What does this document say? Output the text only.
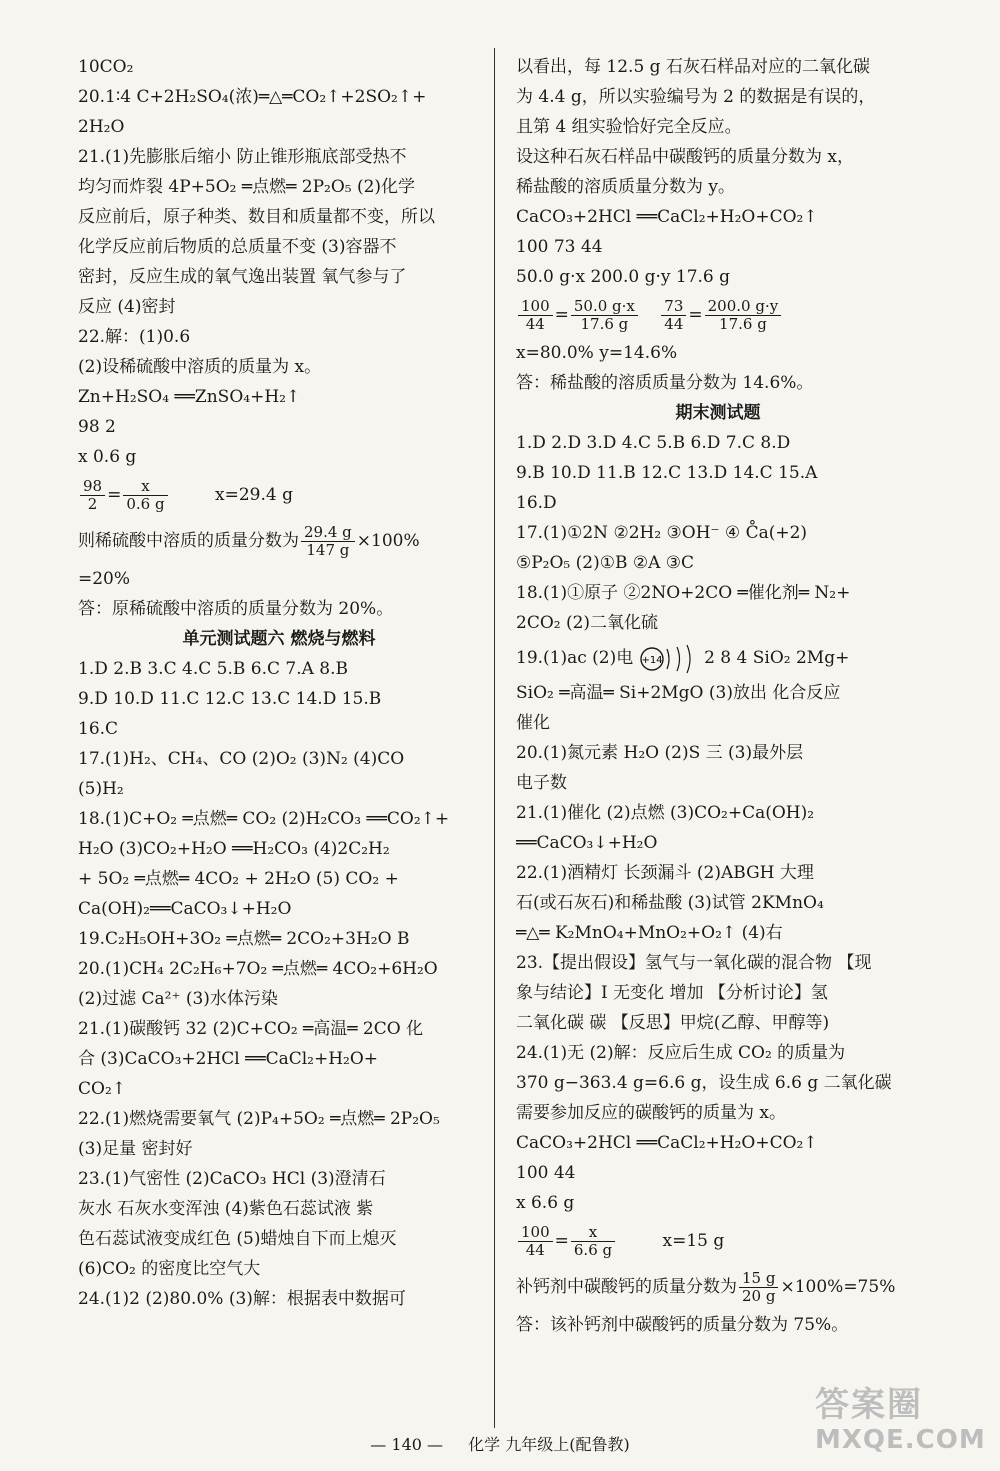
10CO₂
20.1∶4 C+2H₂SO₄(浓)═△═CO₂↑+2SO₂↑+
2H₂O
21.(1)先膨胀后缩小 防止锥形瓶底部受热不
均匀而炸裂 4P+5O₂ ═点燃═ 2P₂O₅ (2)化学
反应前后，原子种类、数目和质量都不变，所以
化学反应前后物质的总质量不变 (3)容器不
密封，反应生成的氧气逸出装置 氧气参与了
反应 (4)密封
22.解：(1)0.6
(2)设稀硫酸中溶质的质量为 x。
Zn+H₂SO₄ ══ZnSO₄+H₂↑
98 2
x 0.6 g
$\frac{98}{2} = \frac{x}{0.6 g}$	x=29.4 g
则稀硫酸中溶质的质量分数为 $\frac{29.4 g}{147 g} \times 100\%$
=20%
答：原稀硫酸中溶质的质量分数为 20%。
单元测试题六 燃烧与燃料
1.D 2.B 3.C 4.C 5.B 6.C 7.A 8.B
9.D 10.D 11.C 12.C 13.C 14.D 15.B
16.C
17.(1)H₂、CH₄、CO (2)O₂ (3)N₂ (4)CO
(5)H₂
18.(1)C+O₂ ═点燃═ CO₂ (2)H₂CO₃ ══CO₂↑+
H₂O (3)CO₂+H₂O ══H₂CO₃ (4)2C₂H₂
+ 5O₂ ═点燃═ 4CO₂ + 2H₂O (5) CO₂ +
Ca(OH)₂══CaCO₃↓+H₂O
19.C₂H₅OH+3O₂ ═点燃═ 2CO₂+3H₂O B
20.(1)CH₄ 2C₂H₆+7O₂ ═点燃═ 4CO₂+6H₂O
(2)过滤 Ca²⁺ (3)水体污染
21.(1)碳酸钙 32 (2)C+CO₂ ═高温═ 2CO 化
合 (3)CaCO₃+2HCl ══CaCl₂+H₂O+
CO₂↑
22.(1)燃烧需要氧气 (2)P₄+5O₂ ═点燃═ 2P₂O₅
(3)足量 密封好
23.(1)气密性 (2)CaCO₃ HCl (3)澄清石
灰水 石灰水变浑浊 (4)紫色石蕊试液 紫
色石蕊试液变成红色 (5)蜡烛自下而上熄灭
(6)CO₂ 的密度比空气大
24.(1)2 (2)80.0% (3)解：根据表中数据可
以看出，每 12.5 g 石灰石样品对应的二氧化碳
为 4.4 g，所以实验编号为 2 的数据是有误的，
且第 4 组实验恰好完全反应。
设这种石灰石样品中碳酸钙的质量分数为 x，
稀盐酸的溶质质量分数为 y。
CaCO₃+2HCl ══CaCl₂+H₂O+CO₂↑
100 73 44
50.0 g·x 200.0 g·y 17.6 g
$\frac{100}{44} = \frac{50.0 g\cdot x}{17.6 g}$
$\frac{73}{44} = \frac{200.0 g\cdot y}{17.6 g}$
x=80.0% y=14.6%
答：稀盐酸的溶质质量分数为 14.6%。
期末测试题
1.D 2.D 3.D 4.C 5.B 6.D 7.C 8.D
9.B 10.D 11.B 12.C 13.D 14.C 15.A
16.D
17.(1)①2N ②2H₂ ③OH⁻ ④ C̊a(+2)
⑤P₂O₅ (2)①B ②A ③C
18.(1)①原子 ②2NO+2CO ═催化剂═ N₂+
2CO₂ (2)二氧化硫
19.(1)ac (2)电 +14 2 8 4 SiO₂ 2Mg+
SiO₂ ═高温═ Si+2MgO (3)放出 化合反应
催化
20.(1)氮元素 H₂O (2)S 三 (3)最外层
电子数
21.(1)催化 (2)点燃 (3)CO₂+Ca(OH)₂
══CaCO₃↓+H₂O
22.(1)酒精灯 长颈漏斗 (2)ABGH 大理
石(或石灰石)和稀盐酸 (3)试管 2KMnO₄
═△═ K₂MnO₄+MnO₂+O₂↑ (4)右
23.【提出假设】氢气与一氧化碳的混合物 【现
象与结论】Ⅰ 无变化 增加 【分析讨论】氢
二氧化碳 碳 【反思】甲烷(乙醇、甲醇等)
24.(1)无 (2)解：反应后生成 CO₂ 的质量为
370 g−363.4 g=6.6 g，设生成 6.6 g 二氧化碳
需要参加反应的碳酸钙的质量为 x。
CaCO₃+2HCl ══CaCl₂+H₂O+CO₂↑
100 44
x 6.6 g
$\frac{100}{44} = \frac{x}{6.6 g}$	x=15 g
补钙剂中碳酸钙的质量分数为 $\frac{15 g}{20 g} \times 100\%=75\%$
答：该补钙剂中碳酸钙的质量分数为 75%。
— 140 — 化学 九年级上(配鲁教)
答案圈
MXQE.COM
